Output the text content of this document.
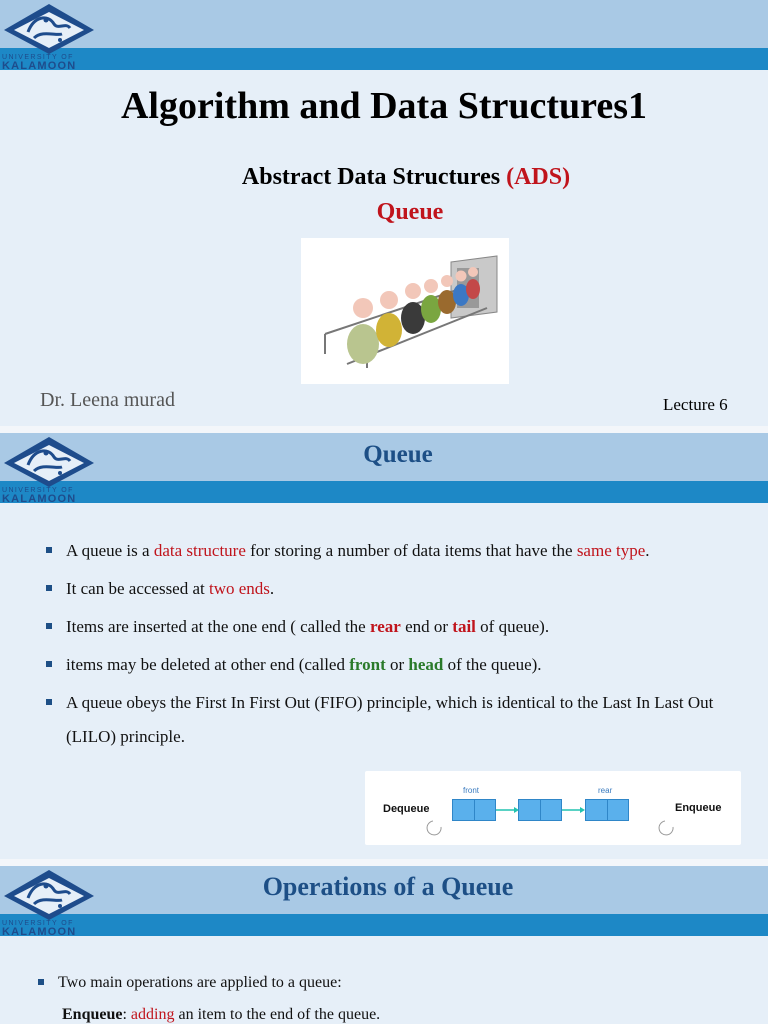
UNIVERSITY OF
KALAMOON
Algorithm and Data Structures1
Abstract Data Structures (ADS)
Queue
Dr. Leena murad	Lecture 6
UNIVERSITY OF
KALAMOON
Queue
A queue is a data structure for storing a number of data items that have the same type.
It can be accessed at two ends.
Items are inserted at the one end ( called the rear end or tail of queue).
items may be deleted at other end (called front or head of the queue).
A queue obeys the First In First Out (FIFO) principle, which is identical to the Last In Last Out (LILO) principle.
Dequeue	Enqueue
front	rear
UNIVERSITY OF
KALAMOON
Operations of a Queue
Two main operations are applied to a queue:
Enqueue: adding an item to the end of the queue.
